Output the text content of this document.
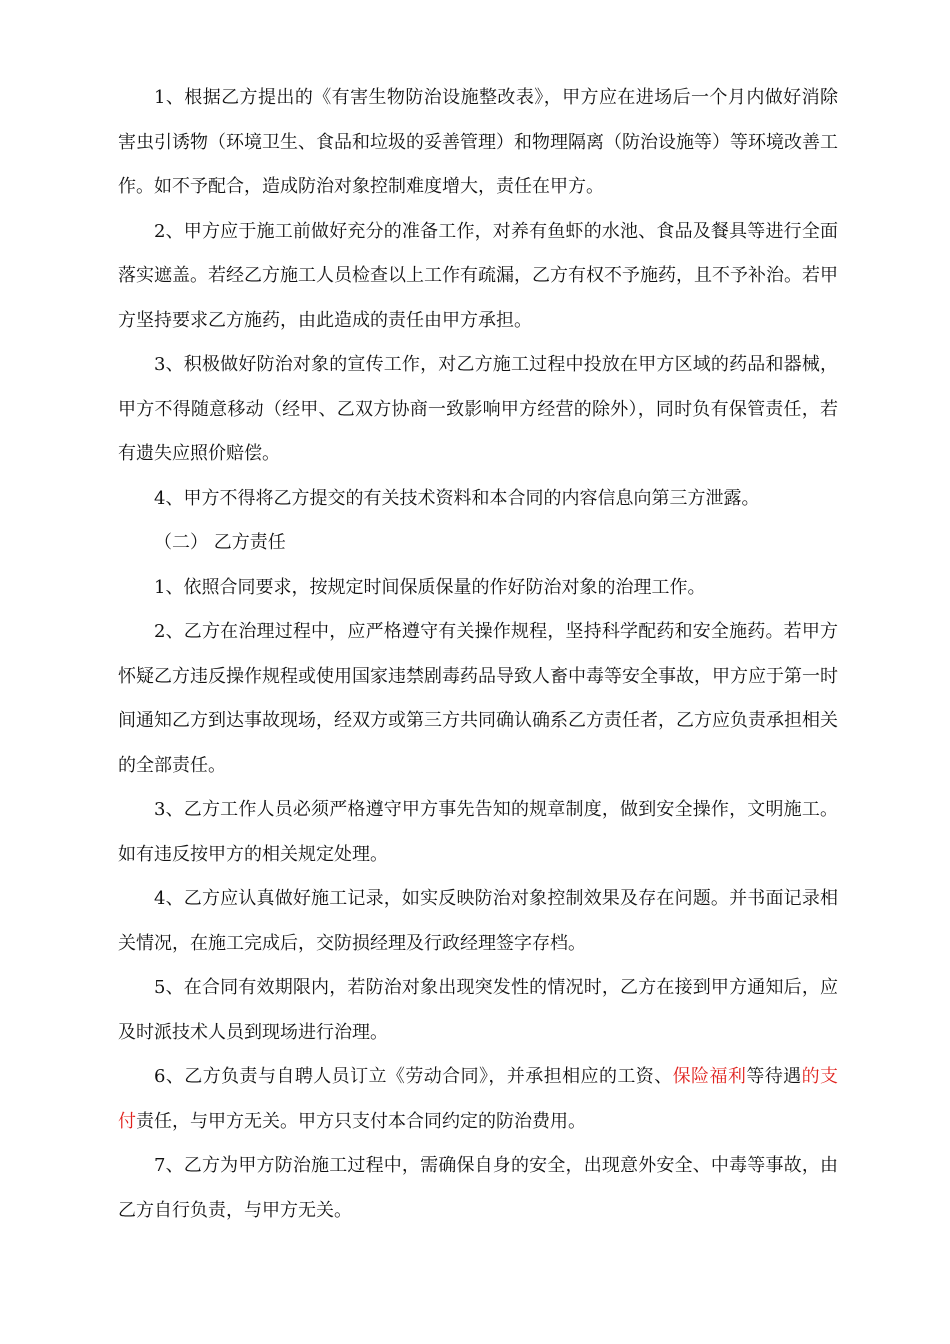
1、根据乙方提出的《有害生物防治设施整改表》，甲方应在进场后一个月内做好消除害虫引诱物（环境卫生、食品和垃圾的妥善管理）和物理隔离（防治设施等）等环境改善工作。如不予配合，造成防治对象控制难度增大，责任在甲方。

2、甲方应于施工前做好充分的准备工作，对养有鱼虾的水池、食品及餐具等进行全面落实遮盖。若经乙方施工人员检查以上工作有疏漏，乙方有权不予施药，且不予补治。若甲方坚持要求乙方施药，由此造成的责任由甲方承担。

3、积极做好防治对象的宣传工作，对乙方施工过程中投放在甲方区域的药品和器械，甲方不得随意移动（经甲、乙双方协商一致影响甲方经营的除外），同时负有保管责任，若有遗失应照价赔偿。

4、甲方不得将乙方提交的有关技术资料和本合同的内容信息向第三方泄露。

（二） 乙方责任

1、依照合同要求，按规定时间保质保量的作好防治对象的治理工作。

2、乙方在治理过程中，应严格遵守有关操作规程，坚持科学配药和安全施药。若甲方怀疑乙方违反操作规程或使用国家违禁剧毒药品导致人畜中毒等安全事故，甲方应于第一时间通知乙方到达事故现场，经双方或第三方共同确认确系乙方责任者，乙方应负责承担相关的全部责任。

3、乙方工作人员必须严格遵守甲方事先告知的规章制度，做到安全操作，文明施工。如有违反按甲方的相关规定处理。

4、乙方应认真做好施工记录，如实反映防治对象控制效果及存在问题。并书面记录相关情况，在施工完成后，交防损经理及行政经理签字存档。

5、在合同有效期限内，若防治对象出现突发性的情况时，乙方在接到甲方通知后，应及时派技术人员到现场进行治理。

6、乙方负责与自聘人员订立《劳动合同》，并承担相应的工资、保险福利等待遇的支付责任，与甲方无关。甲方只支付本合同约定的防治费用。

7、乙方为甲方防治施工过程中，需确保自身的安全，出现意外安全、中毒等事故，由乙方自行负责，与甲方无关。
